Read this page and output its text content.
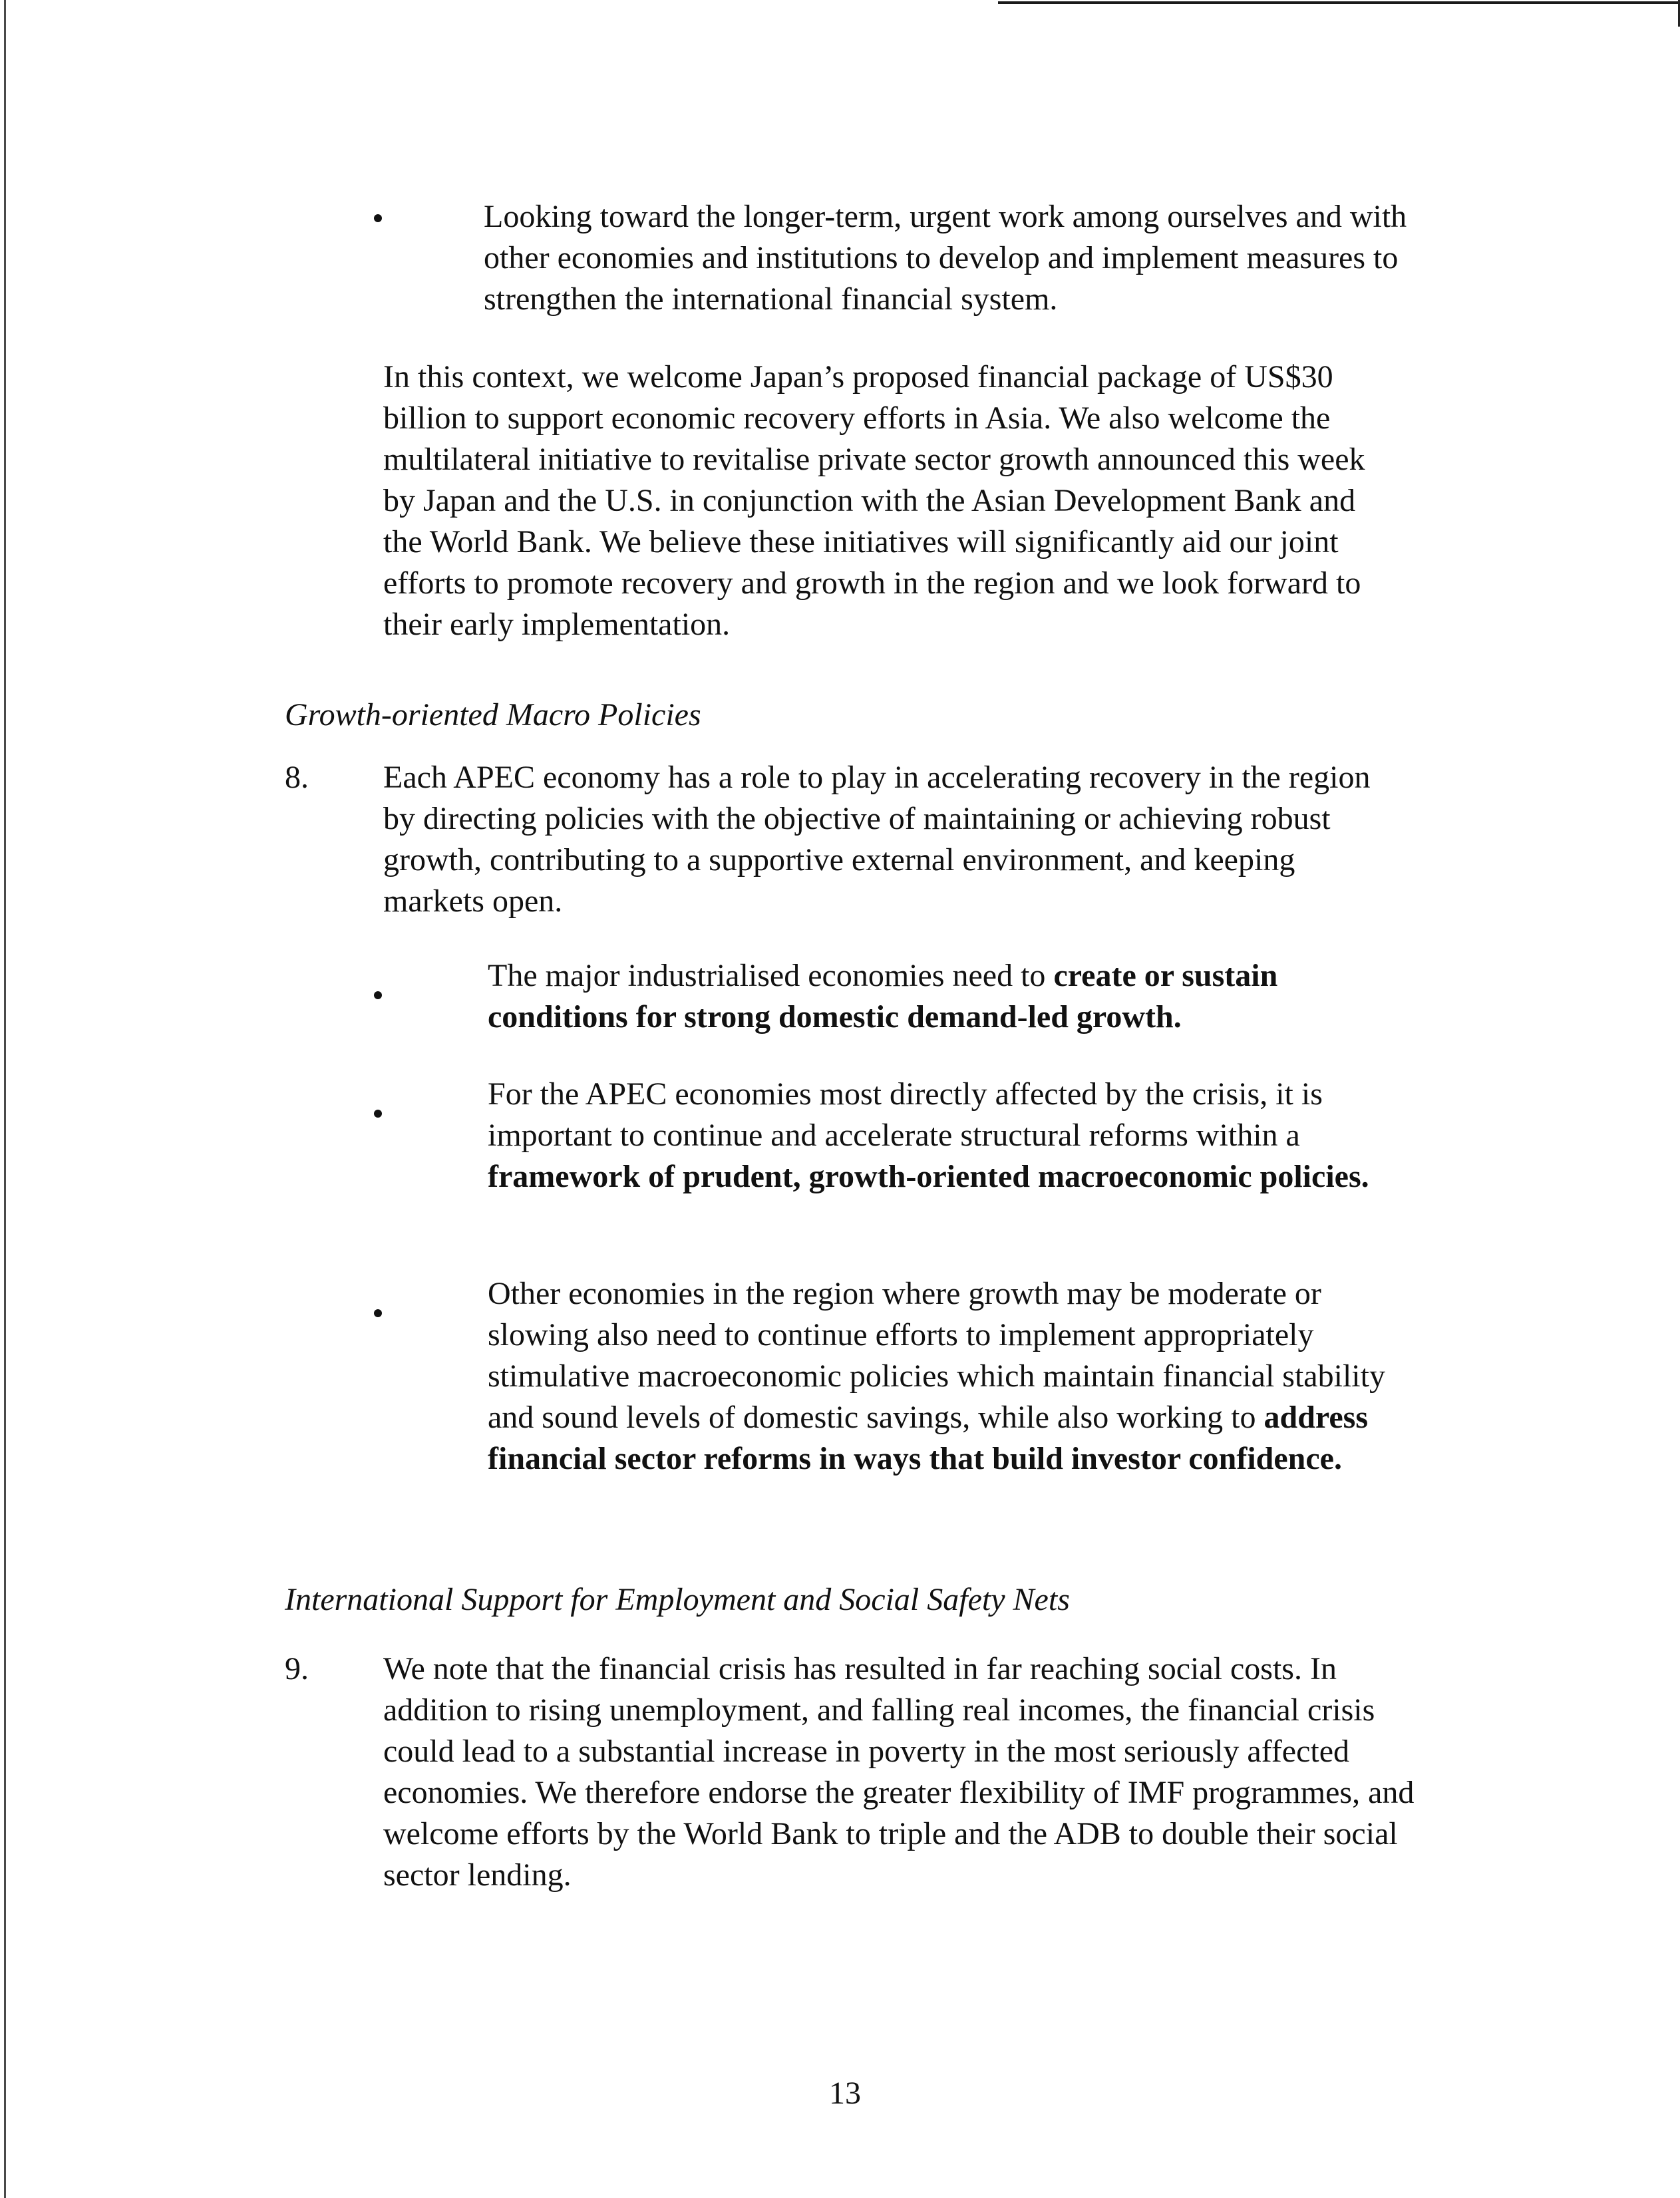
Looking toward the longer-term, urgent work among ourselves and with other economies and institutions to develop and implement measures to strengthen the international financial system.

In this context, we welcome Japan’s proposed financial package of US$30 billion to support economic recovery efforts in Asia. We also welcome the multilateral initiative to revitalise private sector growth announced this week by Japan and the U.S. in conjunction with the Asian Development Bank and the World Bank. We believe these initiatives will significantly aid our joint efforts to promote recovery and growth in the region and we look forward to their early implementation.

Growth-oriented Macro Policies

8. Each APEC economy has a role to play in accelerating recovery in the region by directing policies with the objective of maintaining or achieving robust growth, contributing to a supportive external environment, and keeping markets open.

The major industrialised economies need to create or sustain conditions for strong domestic demand-led growth.

For the APEC economies most directly affected by the crisis, it is important to continue and accelerate structural reforms within a framework of prudent, growth-oriented macroeconomic policies.

Other economies in the region where growth may be moderate or slowing also need to continue efforts to implement appropriately stimulative macroeconomic policies which maintain financial stability and sound levels of domestic savings, while also working to address financial sector reforms in ways that build investor confidence.

International Support for Employment and Social Safety Nets

9. We note that the financial crisis has resulted in far reaching social costs. In addition to rising unemployment, and falling real incomes, the financial crisis could lead to a substantial increase in poverty in the most seriously affected economies. We therefore endorse the greater flexibility of IMF programmes, and welcome efforts by the World Bank to triple and the ADB to double their social sector lending.

13
